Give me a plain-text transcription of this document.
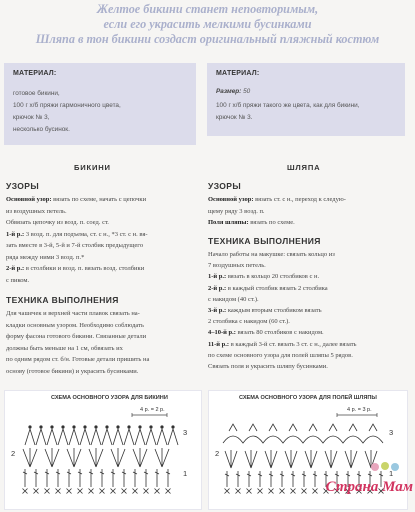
Желтое бикини станет неповторимым,
если его украсить мелкими бусинками
Шляпа в тон бикини создаст оригинальный пляжный костюм
МАТЕРИАЛ:
готовое бикини,
100 г х/б пряжи гармоничного цвета,
крючок № 3,
несколько бусинок.
МАТЕРИАЛ:
Размер: 50
100 г х/б пряжи такого же цвета, как для бикини,
крючок № 3.
БИКИНИ
УЗОРЫ
Основной узор: вязать по схеме, начать с цепочки
из воздушных петель.
Обвязать цепочку из возд. п. соед. ст.
1-й р.: 3 возд. п. для подъема, ст. с н., *3 ст. с н. вя-
зать вместе в 3-й, 5-й и 7-й столбик предыдущего
ряда между ними 3 возд. п.*
2-й р.: в столбики и возд. п. вязать возд. столбики
с пиком.
ТЕХНИКА ВЫПОЛНЕНИЯ
Для чашечек и верхней части плавок связать на-
кладки основным узором. Необходимо соблюдать
форму фасона готового бикини. Связанные детали
должны быть меньше на 1 см, обвязать их
по одним рядом ст. б/н. Готовые детали пришить на
основу (готовое бикини) и украсить бусинками.
ШЛЯПА
УЗОРЫ
Основной узор: вязать ст. с н., переход к следую-
щему ряду 3 возд. п.
Поля шляпы: вязать по схеме.
ТЕХНИКА ВЫПОЛНЕНИЯ
Начало работы на макушке: связать кольцо из
7 воздушных петель.
1-й р.: вязать в кольцо 20 столбиков с н.
2-й р.: в каждый столбик вязать 2 столбика
с накидом (40 ст.).
3-й р.: каждым вторым столбиком вязать
2 столбика с накидом (60 ст.).
4–10-й р.: вязать 80 столбиков с накидом.
11-й р.: в каждый 3-й ст. вязать 3 ст. с н., далее вязать
по схеме основного узора для полей шляпы 5 рядов.
Связать поля и украсить шляпу бусинками.
СХЕМА ОСНОВНОГО УЗОРА ДЛЯ БИКИНИ
4 р. = 2 р.
3
2
1
СХЕМА ОСНОВНОГО УЗОРА ДЛЯ ПОЛЕЙ ШЛЯПЫ
4 р. = 3 р.
3
2
1
Страна Мам
